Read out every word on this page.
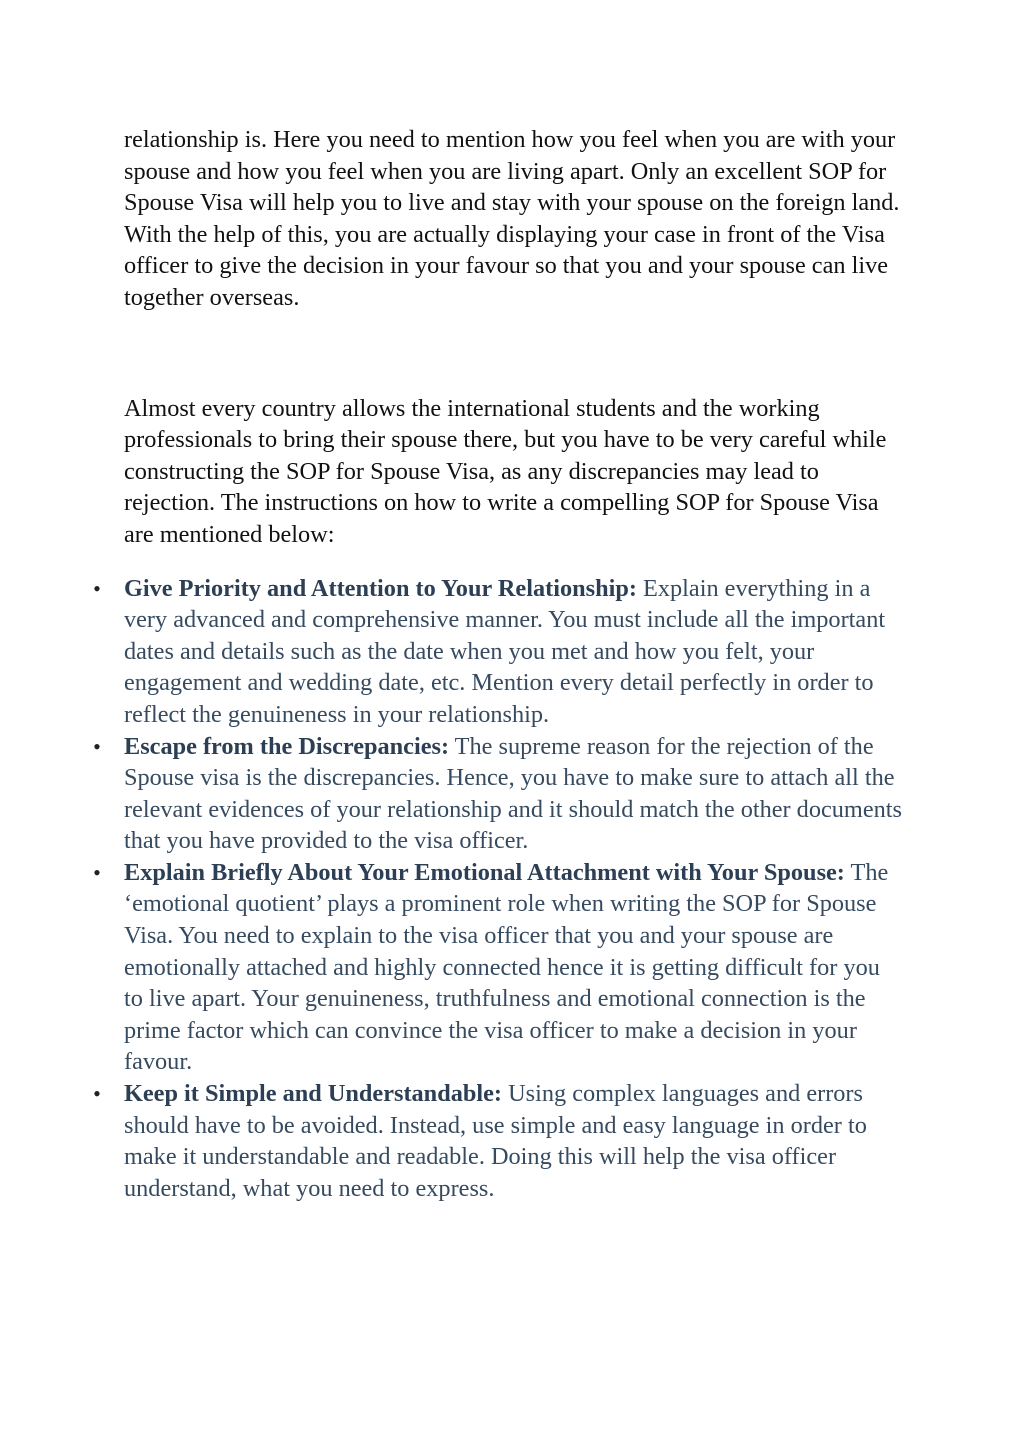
relationship is. Here you need to mention how you feel when you are with your spouse and how you feel when you are living apart. Only an excellent SOP for Spouse Visa will help you to live and stay with your spouse on the foreign land. With the help of this, you are actually displaying your case in front of the Visa officer to give the decision in your favour so that you and your spouse can live together overseas.

Almost every country allows the international students and the working professionals to bring their spouse there, but you have to be very careful while constructing the SOP for Spouse Visa, as any discrepancies may lead to rejection. The instructions on how to write a compelling SOP for Spouse Visa are mentioned below:

• Give Priority and Attention to Your Relationship: Explain everything in a very advanced and comprehensive manner. You must include all the important dates and details such as the date when you met and how you felt, your engagement and wedding date, etc. Mention every detail perfectly in order to reflect the genuineness in your relationship.
• Escape from the Discrepancies: The supreme reason for the rejection of the Spouse visa is the discrepancies. Hence, you have to make sure to attach all the relevant evidences of your relationship and it should match the other documents that you have provided to the visa officer.
• Explain Briefly About Your Emotional Attachment with Your Spouse: The ‘emotional quotient’ plays a prominent role when writing the SOP for Spouse Visa. You need to explain to the visa officer that you and your spouse are emotionally attached and highly connected hence it is getting difficult for you to live apart. Your genuineness, truthfulness and emotional connection is the prime factor which can convince the visa officer to make a decision in your favour.
• Keep it Simple and Understandable: Using complex languages and errors should have to be avoided. Instead, use simple and easy language in order to make it understandable and readable. Doing this will help the visa officer understand, what you need to express.
